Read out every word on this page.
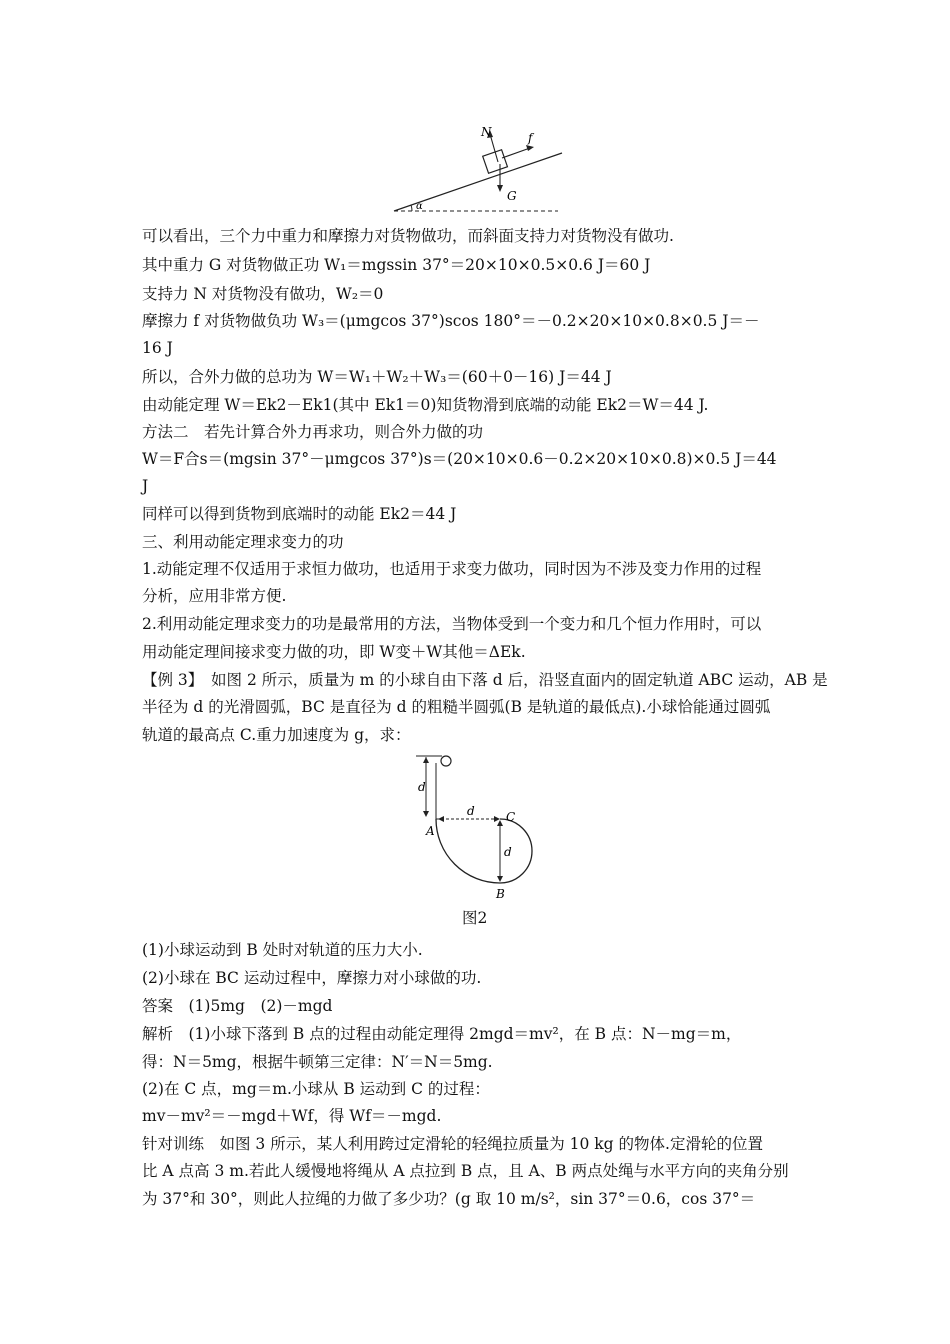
N	f
G
α
可以看出，三个力中重力和摩擦力对货物做功，而斜面支持力对货物没有做功.
其中重力 G 对货物做正功 W₁＝mgssin 37°＝20×10×0.5×0.6 J＝60 J
支持力 N 对货物没有做功，W₂＝0
摩擦力 f 对货物做负功 W₃＝(μmgcos 37°)scos 180°＝－0.2×20×10×0.8×0.5 J＝－
16 J
所以，合外力做的总功为 W＝W₁＋W₂＋W₃＝(60＋0－16) J＝44 J
由动能定理 W＝Ek2－Ek1(其中 Ek1＝0)知货物滑到底端的动能 Ek2＝W＝44 J.
方法二　若先计算合外力再求功，则合外力做的功
W＝F合s＝(mgsin 37°－μmgcos 37°)s＝(20×10×0.6－0.2×20×10×0.8)×0.5 J＝44
J
同样可以得到货物到底端时的动能 Ek2＝44 J
三、利用动能定理求变力的功
1.动能定理不仅适用于求恒力做功，也适用于求变力做功，同时因为不涉及变力作用的过程
分析，应用非常方便.
2.利用动能定理求变力的功是最常用的方法，当物体受到一个变力和几个恒力作用时，可以
用动能定理间接求变力做的功，即 W变＋W其他＝ΔEk.
【例 3】　如图 2 所示，质量为 m 的小球自由下落 d 后，沿竖直面内的固定轨道 ABC 运动，AB 是
半径为 d 的光滑圆弧，BC 是直径为 d 的粗糙半圆弧(B 是轨道的最低点).小球恰能通过圆弧
轨道的最高点 C.重力加速度为 g，求：
d
d
d
A
B
C
图2
(1)小球运动到 B 处时对轨道的压力大小.
(2)小球在 BC 运动过程中，摩擦力对小球做的功.
答案　(1)5mg　(2)－mgd
解析　(1)小球下落到 B 点的过程由动能定理得 2mgd＝mv²，在 B 点：N－mg＝m，
得：N＝5mg，根据牛顿第三定律：N′＝N＝5mg.
(2)在 C 点，mg＝m.小球从 B 运动到 C 的过程：
mv－mv²＝－mgd＋Wf，得 Wf＝－mgd.
针对训练　如图 3 所示，某人利用跨过定滑轮的轻绳拉质量为 10 kg 的物体.定滑轮的位置
比 A 点高 3 m.若此人缓慢地将绳从 A 点拉到 B 点，且 A、B 两点处绳与水平方向的夹角分别
为 37°和 30°，则此人拉绳的力做了多少功？(g 取 10 m/s²，sin 37°＝0.6，cos 37°＝
